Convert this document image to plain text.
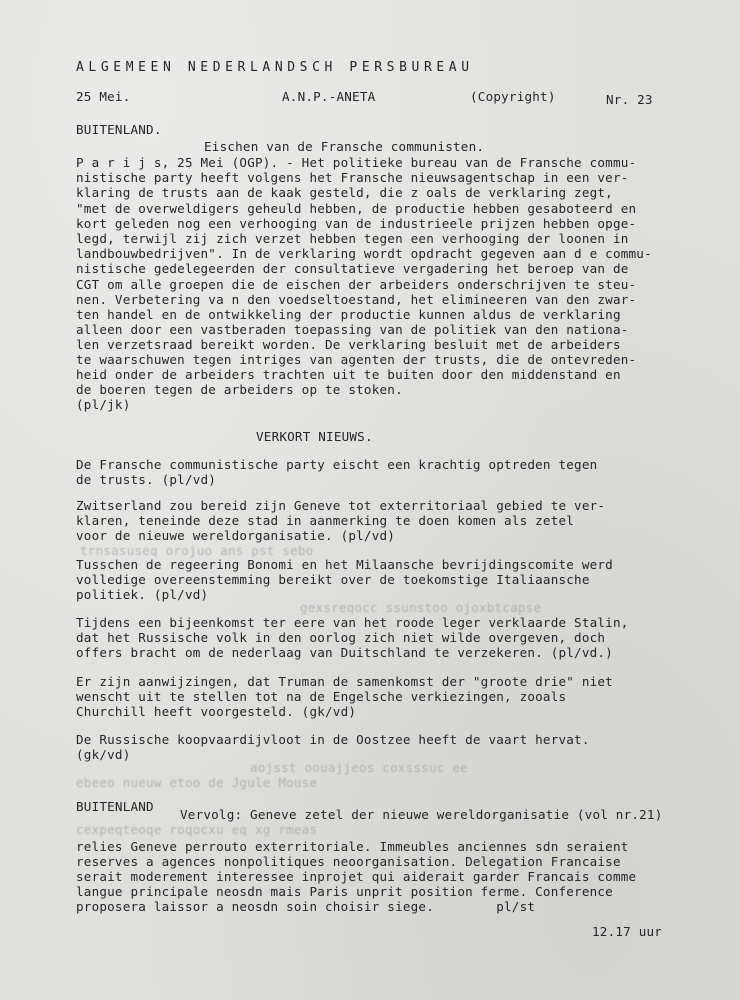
ALGEMEEN NEDERLANDSCH PERSBUREAU
25 Mei.	A.N.P.-ANETA	(Copyright)	Nr. 23
BUITENLAND.
Eischen van de Fransche communisten.
P a r i j s, 25 Mei (OGP). - Het politieke bureau van de Fransche commu-
nistische party heeft volgens het Fransche nieuwsagentschap in een ver-
klaring de trusts aan de kaak gesteld, die z oals de verklaring zegt,
"met de overweldigers geheuld hebben, de productie hebben gesaboteerd en
kort geleden nog een verhooging van de industrieele prijzen hebben opge-
legd, terwijl zij zich verzet hebben tegen een verhooging der loonen in
landbouwbedrijven". In de verklaring wordt opdracht gegeven aan d e commu-
nistische gedelegeerden der consultatieve vergadering het beroep van de
CGT om alle groepen die de eischen der arbeiders onderschrijven te steu-
nen. Verbetering va n den voedseltoestand, het elimineeren van den zwar-
ten handel en de ontwikkeling der productie kunnen aldus de verklaring
alleen door een vastberaden toepassing van de politiek van den nationa-
len verzetsraad bereikt worden. De verklaring besluit met de arbeiders
te waarschuwen tegen intriges van agenten der trusts, die de ontevreden-
heid onder de arbeiders trachten uit te buiten door den middenstand en
de boeren tegen de arbeiders op te stoken.
(pl/jk)
VERKORT NIEUWS.
De Fransche communistische party eischt een krachtig optreden tegen
de trusts. (pl/vd)
Zwitserland zou bereid zijn Geneve tot exterritoriaal gebied te ver-
klaren, teneinde deze stad in aanmerking te doen komen als zetel
voor de nieuwe wereldorganisatie. (pl/vd)
trnsasuseq orojuo ans pst sebo
Tusschen de regeering Bonomi en het Milaansche bevrijdingscomite werd
volledige overeenstemming bereikt over de toekomstige Italiaansche
politiek. (pl/vd)
gexsreqocc ssunstoo ojoxbtcapse
Tijdens een bijeenkomst ter eere van het roode leger verklaarde Stalin,
dat het Russische volk in den oorlog zich niet wilde overgeven, doch
offers bracht om de nederlaag van Duitschland te verzekeren. (pl/vd.)
Er zijn aanwijzingen, dat Truman de samenkomst der "groote drie" niet
wenscht uit te stellen tot na de Engelsche verkiezingen, zooals
Churchill heeft voorgesteld. (gk/vd)
De Russische koopvaardijvloot in de Oostzee heeft de vaart hervat.
(gk/vd)
aojsst oouajjeos coxsssuc ee
ebeeo nueuw etoo de Jgule Mouse
BUITENLAND
Vervolg: Geneve zetel der nieuwe wereldorganisatie (vol nr.21)
cexpeqteoqe roqocxu eq xg rmeas
relies Geneve perrouto exterritoriale. Immeubles anciennes sdn seraient
reserves a agences nonpolitiques neoorganisation. Delegation Francaise
serait moderement interessee inprojet qui aiderait garder Francais comme
langue principale neosdn mais Paris unprit position ferme. Conference
proposera laissor a neosdn soin choisir siege.        pl/st
12.17 uur
